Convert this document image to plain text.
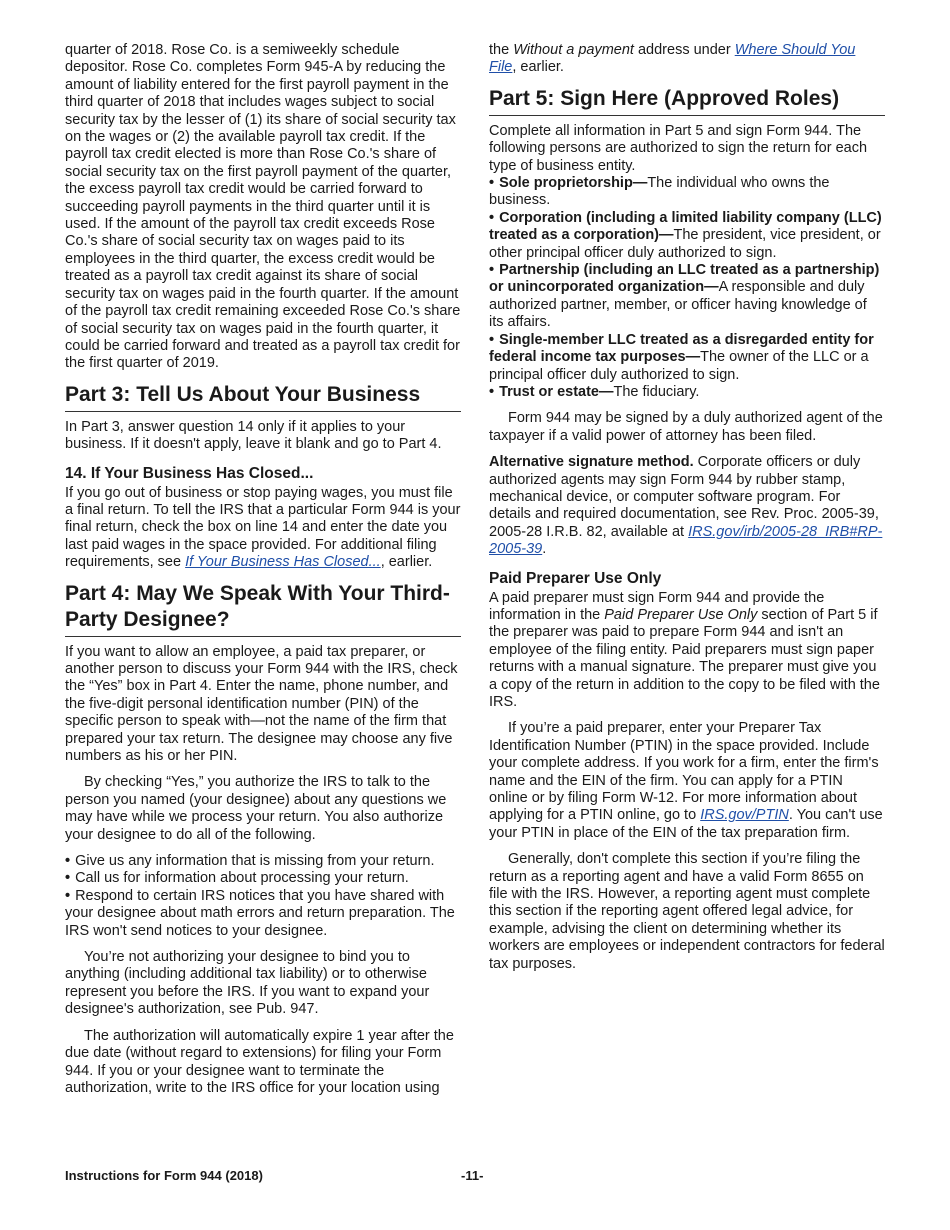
quarter of 2018. Rose Co. is a semiweekly schedule depositor. Rose Co. completes Form 945-A by reducing the amount of liability entered for the first payroll payment in the third quarter of 2018 that includes wages subject to social security tax by the lesser of (1) its share of social security tax on the wages or (2) the available payroll tax credit. If the payroll tax credit elected is more than Rose Co.'s share of social security tax on the first payroll payment of the quarter, the excess payroll tax credit would be carried forward to succeeding payroll payments in the third quarter until it is used. If the amount of the payroll tax credit exceeds Rose Co.'s share of social security tax on wages paid to its employees in the third quarter, the excess credit would be treated as a payroll tax credit against its share of social security tax on wages paid in the fourth quarter. If the amount of the payroll tax credit remaining exceeded Rose Co.'s share of social security tax on wages paid in the fourth quarter, it could be carried forward and treated as a payroll tax credit for the first quarter of 2019.

Part 3: Tell Us About Your Business

In Part 3, answer question 14 only if it applies to your business. If it doesn't apply, leave it blank and go to Part 4.

14. If Your Business Has Closed...

If you go out of business or stop paying wages, you must file a final return. To tell the IRS that a particular Form 944 is your final return, check the box on line 14 and enter the date you last paid wages in the space provided. For additional filing requirements, see If Your Business Has Closed..., earlier.

Part 4: May We Speak With Your Third-Party Designee?

If you want to allow an employee, a paid tax preparer, or another person to discuss your Form 944 with the IRS, check the “Yes” box in Part 4. Enter the name, phone number, and the five-digit personal identification number (PIN) of the specific person to speak with—not the name of the firm that prepared your tax return. The designee may choose any five numbers as his or her PIN.

By checking “Yes,” you authorize the IRS to talk to the person you named (your designee) about any questions we may have while we process your return. You also authorize your designee to do all of the following.

• Give us any information that is missing from your return.
• Call us for information about processing your return.
• Respond to certain IRS notices that you have shared with your designee about math errors and return preparation. The IRS won't send notices to your designee.

You’re not authorizing your designee to bind you to anything (including additional tax liability) or to otherwise represent you before the IRS. If you want to expand your designee's authorization, see Pub. 947.

The authorization will automatically expire 1 year after the due date (without regard to extensions) for filing your Form 944. If you or your designee want to terminate the authorization, write to the IRS office for your location using

the Without a payment address under Where Should You File, earlier.

Part 5: Sign Here (Approved Roles)

Complete all information in Part 5 and sign Form 944. The following persons are authorized to sign the return for each type of business entity.

• Sole proprietorship—The individual who owns the business.
• Corporation (including a limited liability company (LLC) treated as a corporation)—The president, vice president, or other principal officer duly authorized to sign.
• Partnership (including an LLC treated as a partnership) or unincorporated organization—A responsible and duly authorized partner, member, or officer having knowledge of its affairs.
• Single-member LLC treated as a disregarded entity for federal income tax purposes—The owner of the LLC or a principal officer duly authorized to sign.
• Trust or estate—The fiduciary.

Form 944 may be signed by a duly authorized agent of the taxpayer if a valid power of attorney has been filed.

Alternative signature method. Corporate officers or duly authorized agents may sign Form 944 by rubber stamp, mechanical device, or computer software program. For details and required documentation, see Rev. Proc. 2005-39, 2005-28 I.R.B. 82, available at IRS.gov/irb/2005-28_IRB#RP-2005-39.

Paid Preparer Use Only

A paid preparer must sign Form 944 and provide the information in the Paid Preparer Use Only section of Part 5 if the preparer was paid to prepare Form 944 and isn't an employee of the filing entity. Paid preparers must sign paper returns with a manual signature. The preparer must give you a copy of the return in addition to the copy to be filed with the IRS.

If you’re a paid preparer, enter your Preparer Tax Identification Number (PTIN) in the space provided. Include your complete address. If you work for a firm, enter the firm's name and the EIN of the firm. You can apply for a PTIN online or by filing Form W-12. For more information about applying for a PTIN online, go to IRS.gov/PTIN. You can't use your PTIN in place of the EIN of the tax preparation firm.

Generally, don't complete this section if you’re filing the return as a reporting agent and have a valid Form 8655 on file with the IRS. However, a reporting agent must complete this section if the reporting agent offered legal advice, for example, advising the client on determining whether its workers are employees or independent contractors for federal tax purposes.

Instructions for Form 944 (2018)	-11-
